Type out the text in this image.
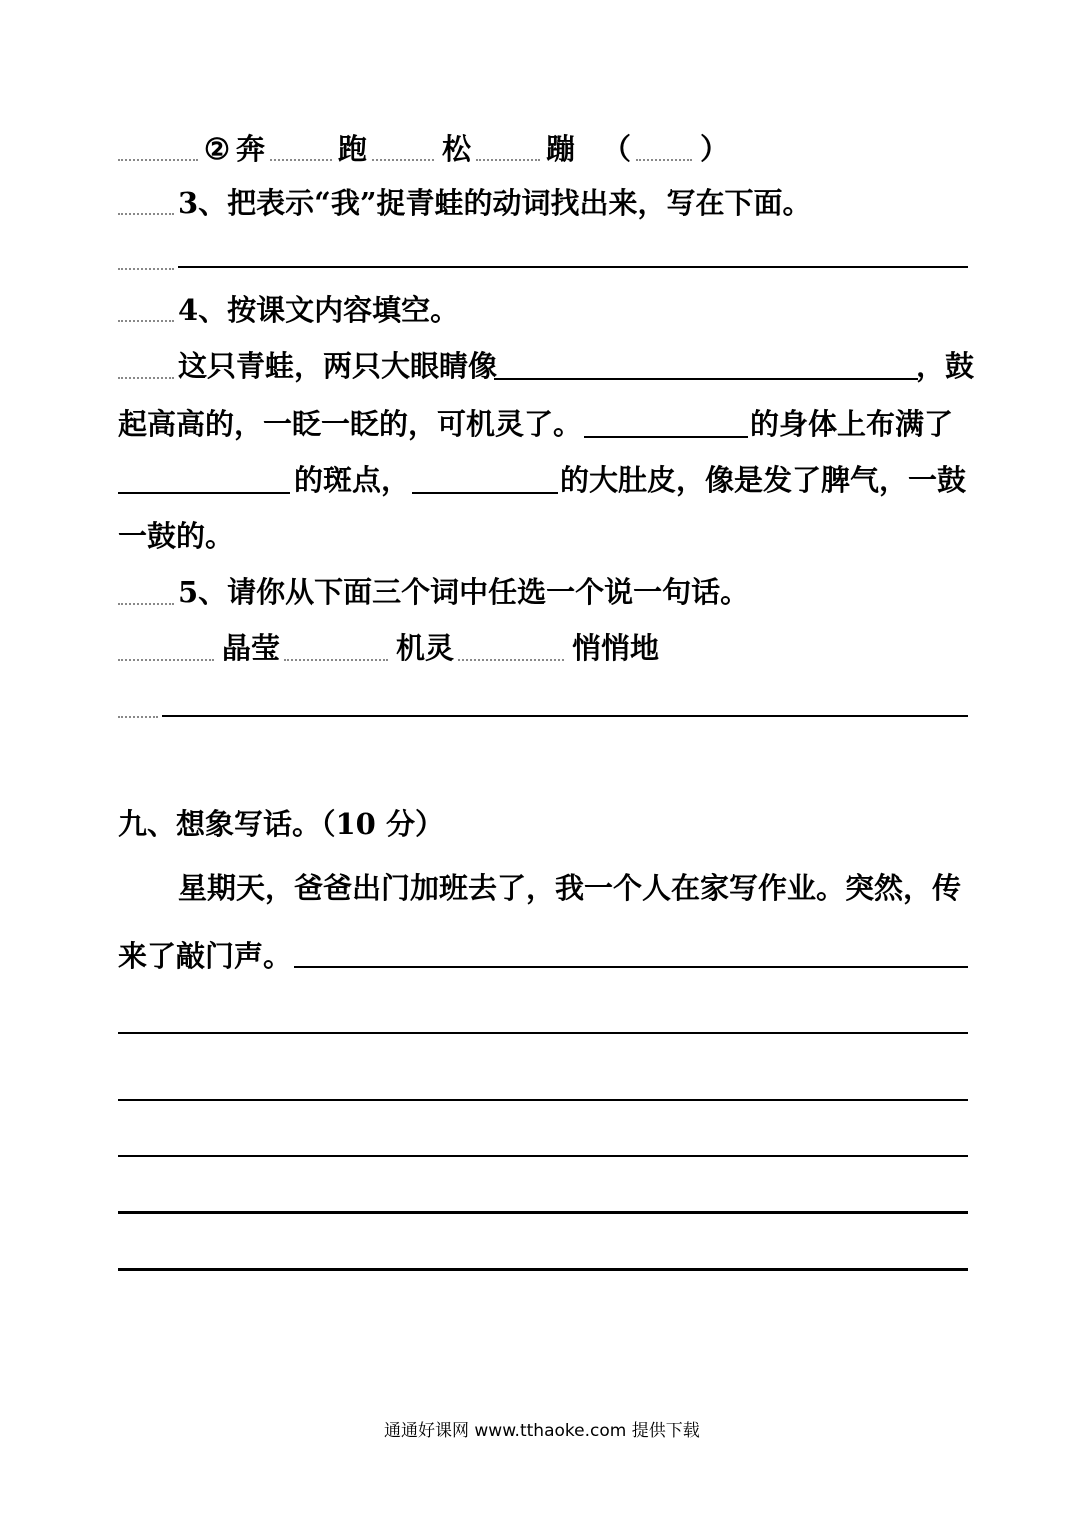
② 奔	跑	松	蹦 （ ）
3、把表示“我”捉青蛙的动词找出来，写在下面。
4、按课文内容填空。
这只青蛙，两只大眼睛像	，鼓
起高高的，一眨一眨的，可机灵了。	的身体上布满了
的斑点，	的大肚皮，像是发了脾气，一鼓
一鼓的。
5、请你从下面三个词中任选一个说一句话。
晶莹	机灵	悄悄地
九、想象写话。（10 分）
星期天，爸爸出门加班去了，我一个人在家写作业。突然，传
来了敲门声。
通通好课网 www.tthaoke.com 提供下载
